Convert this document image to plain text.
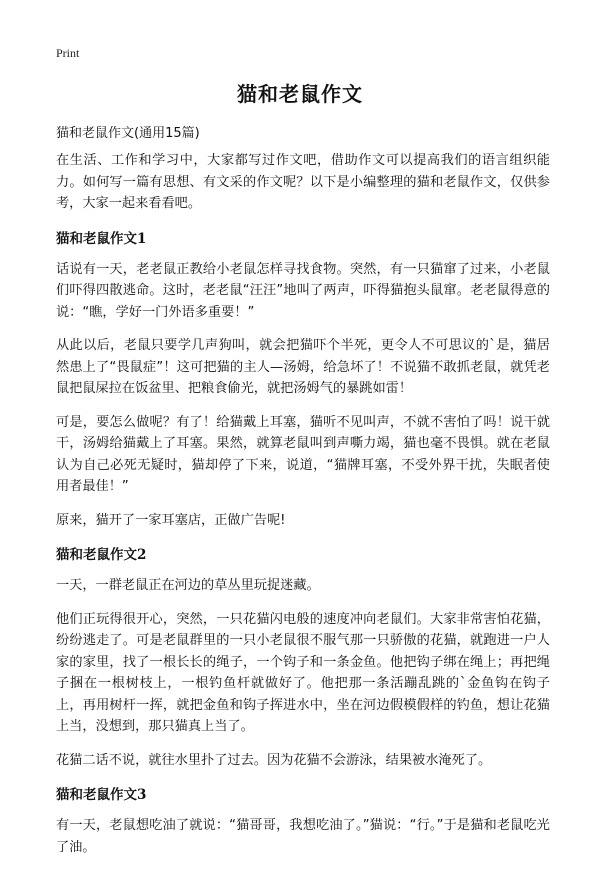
Print
猫和老鼠作文
猫和老鼠作文(通用15篇)

在生活、工作和学习中，大家都写过作文吧，借助作文可以提高我们的语言组织能力。如何写一篇有思想、有文采的作文呢？以下是小编整理的猫和老鼠作文，仅供参考，大家一起来看看吧。

猫和老鼠作文1

话说有一天，老老鼠正教给小老鼠怎样寻找食物。突然，有一只猫窜了过来，小老鼠们吓得四散逃命。这时，老老鼠“汪汪”地叫了两声，吓得猫抱头鼠窜。老老鼠得意的说：“瞧，学好一门外语多重要！”

从此以后，老鼠只要学几声狗叫，就会把猫吓个半死，更令人不可思议的`是，猫居然患上了“畏鼠症”！这可把猫的主人—汤姆，给急坏了！不说猫不敢抓老鼠，就凭老鼠把鼠屎拉在饭盆里、把粮食偷光，就把汤姆气的暴跳如雷！

可是，要怎么做呢？有了！给猫戴上耳塞，猫听不见叫声，不就不害怕了吗！说干就干，汤姆给猫戴上了耳塞。果然，就算老鼠叫到声嘶力竭，猫也毫不畏惧。就在老鼠认为自己必死无疑时，猫却停了下来，说道，“猫牌耳塞，不受外界干扰，失眠者使用者最佳！”

原来，猫开了一家耳塞店，正做广告呢!

猫和老鼠作文2

一天，一群老鼠正在河边的草丛里玩捉迷藏。

他们正玩得很开心，突然，一只花猫闪电般的速度冲向老鼠们。大家非常害怕花猫，纷纷逃走了。可是老鼠群里的一只小老鼠很不服气那一只骄傲的花猫，就跑进一户人家的家里，找了一根长长的绳子，一个钩子和一条金鱼。他把钩子绑在绳上；再把绳子捆在一根树枝上，一根钓鱼杆就做好了。他把那一条活蹦乱跳的`金鱼钩在钩子上，再用树杆一挥，就把金鱼和钩子挥进水中，坐在河边假模假样的钓鱼，想让花猫上当，没想到，那只猫真上当了。

花猫二话不说，就往水里扑了过去。因为花猫不会游泳，结果被水淹死了。

猫和老鼠作文3

有一天，老鼠想吃油了就说：“猫哥哥，我想吃油了。”猫说：“行。”于是猫和老鼠吃光了油。
